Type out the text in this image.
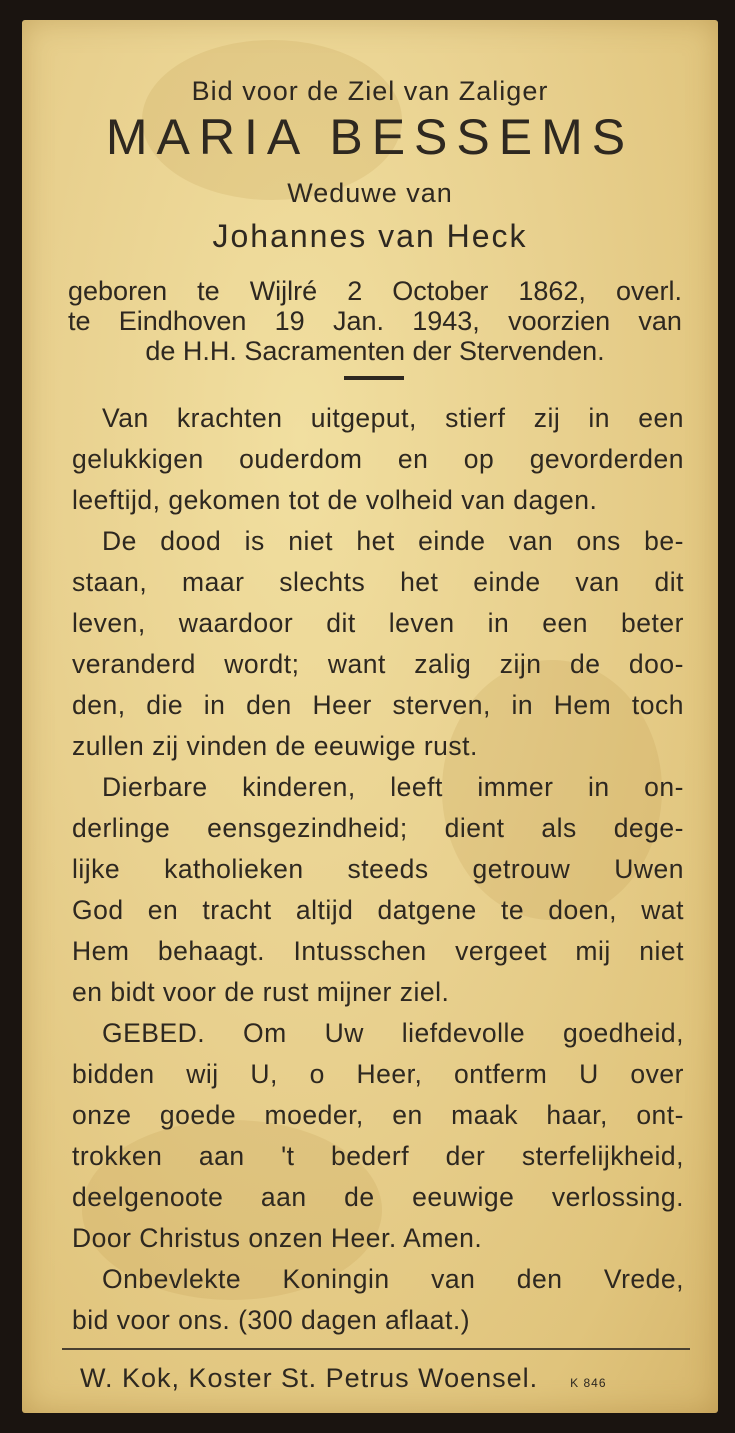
Bid voor de Ziel van Zaliger
MARIA BESSEMS
Weduwe van
Johannes van Heck
geboren te Wijlré 2 October 1862, overl.
te Eindhoven 19 Jan. 1943, voorzien van
de H.H. Sacramenten der Stervenden.
Van krachten uitgeput, stierf zij in een
gelukkigen ouderdom en op gevorderden
leeftijd, gekomen tot de volheid van dagen.
De dood is niet het einde van ons be-
staan, maar slechts het einde van dit
leven, waardoor dit leven in een beter
veranderd wordt; want zalig zijn de doo-
den, die in den Heer sterven, in Hem toch
zullen zij vinden de eeuwige rust.
Dierbare kinderen, leeft immer in on-
derlinge eensgezindheid; dient als dege-
lijke katholieken steeds getrouw Uwen
God en tracht altijd datgene te doen, wat
Hem behaagt. Intusschen vergeet mij niet
en bidt voor de rust mijner ziel.
GEBED. Om Uw liefdevolle goedheid,
bidden wij U, o Heer, ontferm U over
onze goede moeder, en maak haar, ont-
trokken aan 't bederf der sterfelijkheid,
deelgenoote aan de eeuwige verlossing.
Door Christus onzen Heer. Amen.
Onbevlekte Koningin van den Vrede,
bid voor ons. (300 dagen aflaat.)
W. Kok, Koster St. Petrus Woensel.	K 846
